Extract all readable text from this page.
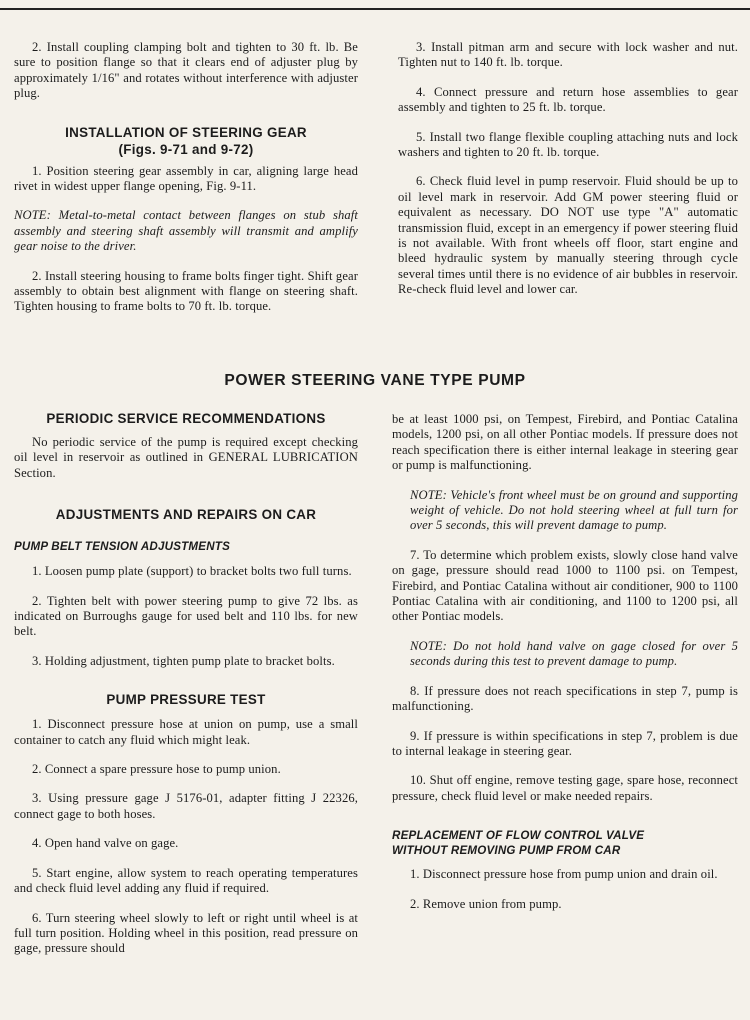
2. Install coupling clamping bolt and tighten to 30 ft. lb. Be sure to position flange so that it clears end of adjuster plug by approximately 1/16" and rotates without interference with adjuster plug.

INSTALLATION OF STEERING GEAR
(Figs. 9-71 and 9-72)

1. Position steering gear assembly in car, aligning large head rivet in widest upper flange opening, Fig. 9-11.

NOTE: Metal-to-metal contact between flanges on stub shaft assembly and steering shaft assembly will transmit and amplify gear noise to the driver.

2. Install steering housing to frame bolts finger tight. Shift gear assembly to obtain best alignment with flange on steering shaft. Tighten housing to frame bolts to 70 ft. lb. torque.

3. Install pitman arm and secure with lock washer and nut. Tighten nut to 140 ft. lb. torque.

4. Connect pressure and return hose assemblies to gear assembly and tighten to 25 ft. lb. torque.

5. Install two flange flexible coupling attaching nuts and lock washers and tighten to 20 ft. lb. torque.

6. Check fluid level in pump reservoir. Fluid should be up to oil level mark in reservoir. Add GM power steering fluid or equivalent as necessary. DO NOT use type "A" automatic transmission fluid, except in an emergency if power steering fluid is not available. With front wheels off floor, start engine and bleed hydraulic system by manually steering through cycle several times until there is no evidence of air bubbles in reservoir. Re-check fluid level and lower car.

POWER STEERING VANE TYPE PUMP
PERIODIC SERVICE RECOMMENDATIONS

No periodic service of the pump is required except checking oil level in reservoir as outlined in GENERAL LUBRICATION Section.

ADJUSTMENTS AND REPAIRS ON CAR
PUMP BELT TENSION ADJUSTMENTS

1. Loosen pump plate (support) to bracket bolts two full turns.

2. Tighten belt with power steering pump to give 72 lbs. as indicated on Burroughs gauge for used belt and 110 lbs. for new belt.

3. Holding adjustment, tighten pump plate to bracket bolts.

PUMP PRESSURE TEST

1. Disconnect pressure hose at union on pump, use a small container to catch any fluid which might leak.

2. Connect a spare pressure hose to pump union.

3. Using pressure gage J 5176-01, adapter fitting J 22326, connect gage to both hoses.

4. Open hand valve on gage.

5. Start engine, allow system to reach operating temperatures and check fluid level adding any fluid if required.

6. Turn steering wheel slowly to left or right until wheel is at full turn position. Holding wheel in this position, read pressure on gage, pressure should

be at least 1000 psi, on Tempest, Firebird, and Pontiac Catalina models, 1200 psi, on all other Pontiac models. If pressure does not reach specification there is either internal leakage in steering gear or pump is malfunctioning.

NOTE: Vehicle's front wheel must be on ground and supporting weight of vehicle. Do not hold steering wheel at full turn for over 5 seconds, this will prevent damage to pump.

7. To determine which problem exists, slowly close hand valve on gage, pressure should read 1000 to 1100 psi. on Tempest, Firebird, and Pontiac Catalina without air conditioner, 900 to 1100 Pontiac Catalina with air conditioning, and 1100 to 1200 psi, all other Pontiac models.

NOTE: Do not hold hand valve on gage closed for over 5 seconds during this test to prevent damage to pump.

8. If pressure does not reach specifications in step 7, pump is malfunctioning.

9. If pressure is within specifications in step 7, problem is due to internal leakage in steering gear.

10. Shut off engine, remove testing gage, spare hose, reconnect pressure, check fluid level or make needed repairs.

REPLACEMENT OF FLOW CONTROL VALVE
WITHOUT REMOVING PUMP FROM CAR

1. Disconnect pressure hose from pump union and drain oil.

2. Remove union from pump.
